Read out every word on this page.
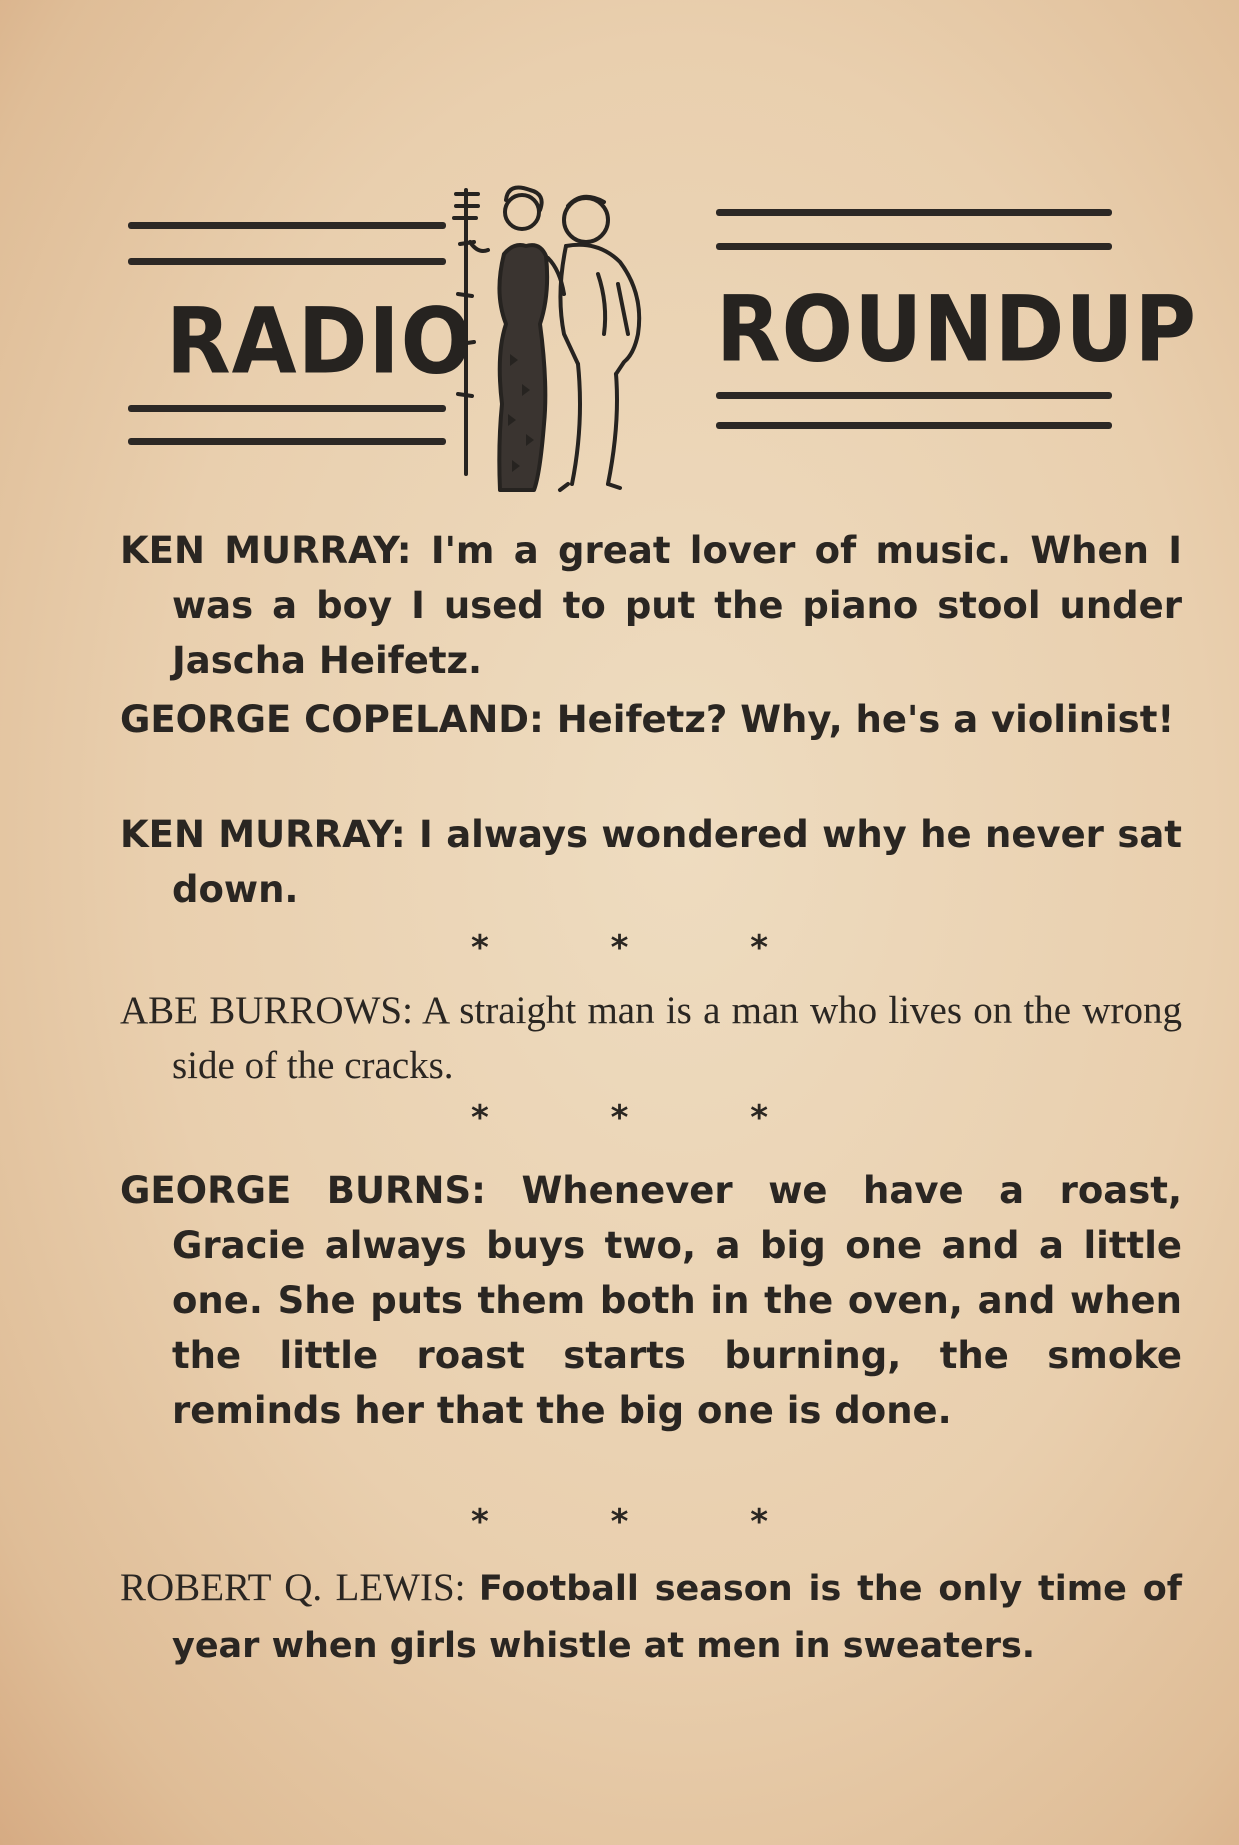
RADIO	ROUNDUP
KEN MURRAY: I'm a great lover of music. When I was a boy I used to put the piano stool under Jascha Heifetz.
GEORGE COPELAND: Heifetz? Why, he's a violinist!
KEN MURRAY: I always wondered why he never sat down.
* * *
ABE BURROWS: A straight man is a man who lives on the wrong side of the cracks.
* * *
GEORGE BURNS: Whenever we have a roast, Gracie always buys two, a big one and a little one. She puts them both in the oven, and when the little roast starts burning, the smoke reminds her that the big one is done.
* * *
ROBERT Q. LEWIS: Football season is the only time of year when girls whistle at men in sweaters.
